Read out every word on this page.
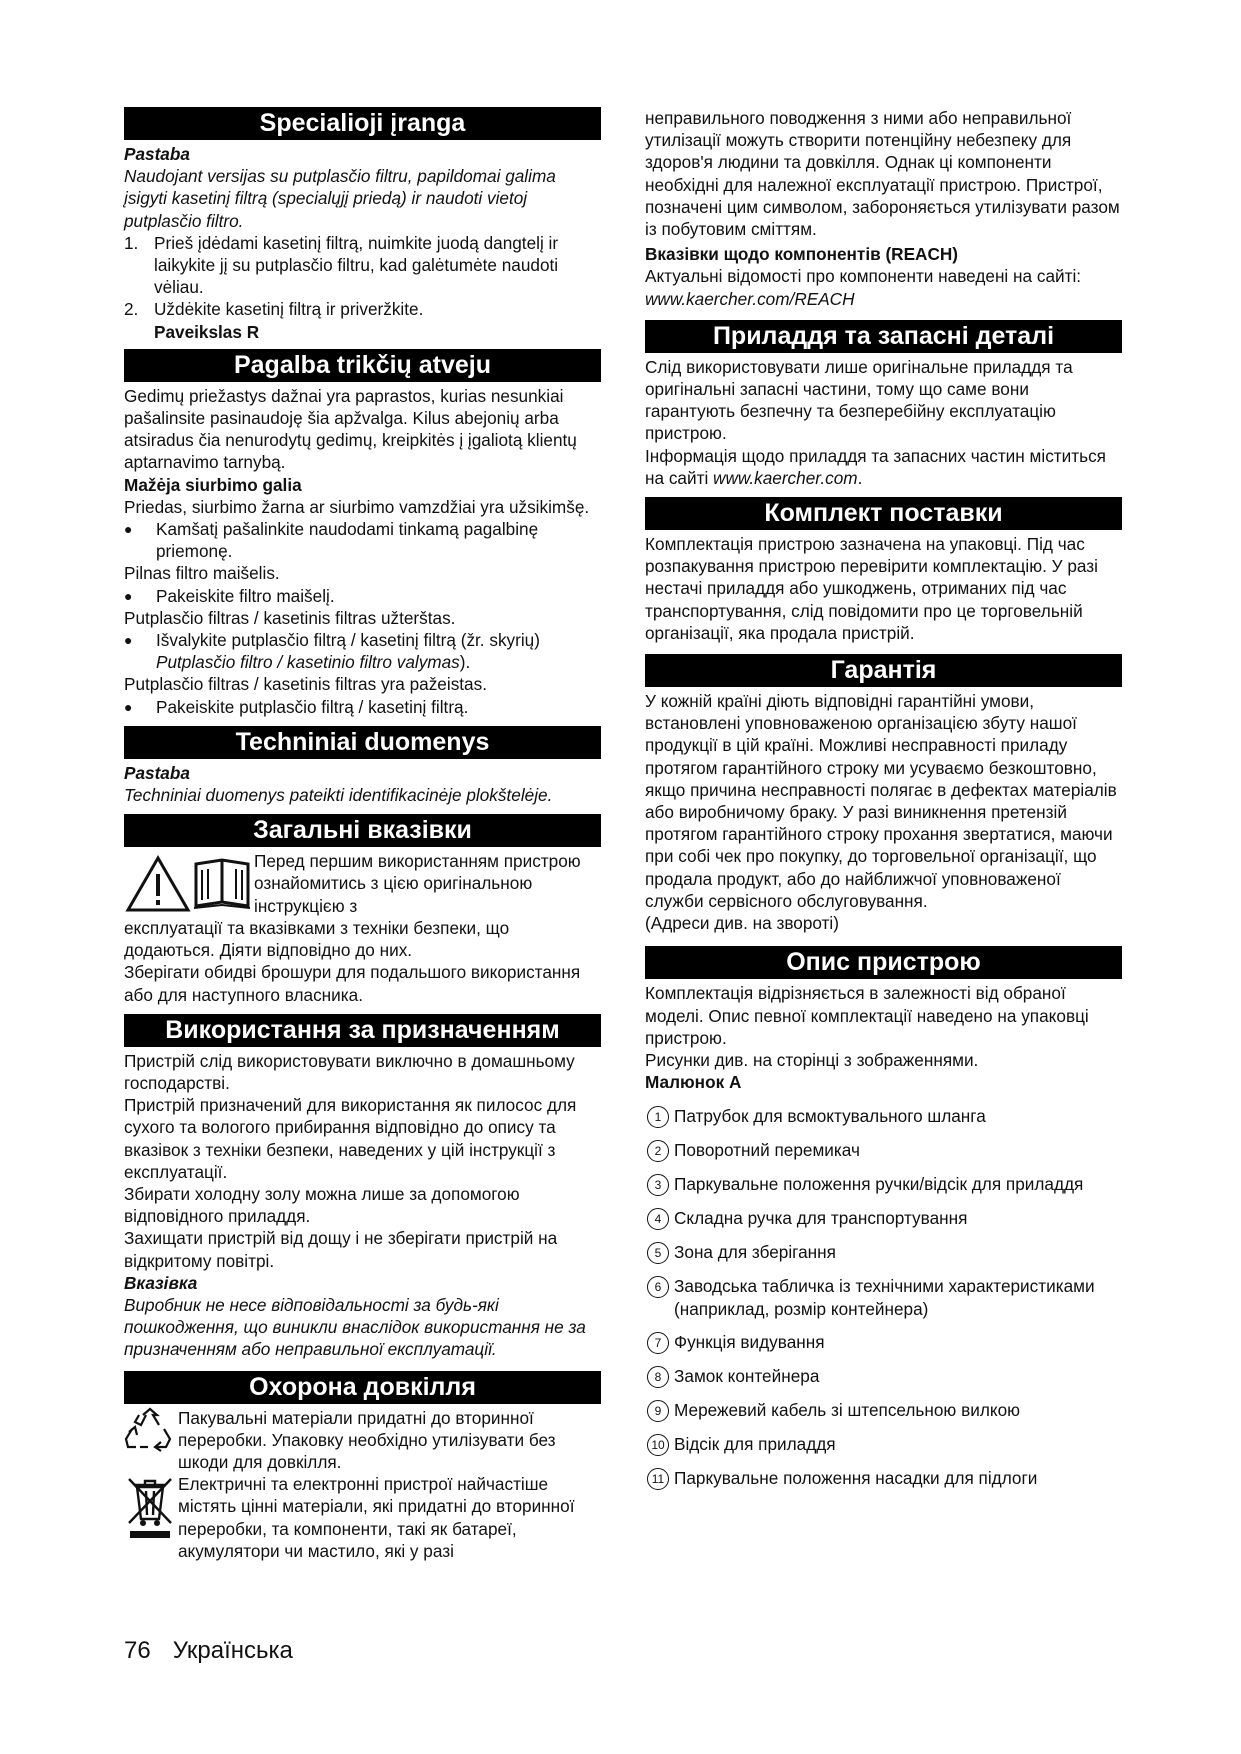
Specialioji įranga

Pastaba

Naudojant versijas su putplasčio filtru, papildomai galima įsigyti kasetinį filtrą (specialųjį priedą) ir naudoti vietoj putplasčio filtro.

1. Prieš įdėdami kasetinį filtrą, nuimkite juodą dangtelį ir laikykite jį su putplasčio filtru, kad galėtumėte naudoti vėliau.
2. Uždėkite kasetinį filtrą ir priveržkite.

Paveikslas R

Pagalba trikčių atveju

Gedimų priežastys dažnai yra paprastos, kurias nesunkiai pašalinsite pasinaudoję šia apžvalga. Kilus abejonių arba atsiradus čia nenurodytų gedimų, kreipkitės į įgaliotą klientų aptarnavimo tarnybą.

Mažėja siurbimo galia

Priedas, siurbimo žarna ar siurbimo vamzdžiai yra užsikimšę.

●	Kamšatį pašalinkite naudodami tinkamą pagalbinę priemonę.

Pilnas filtro maišelis.

●	Pakeiskite filtro maišelį.

Putplasčio filtras / kasetinis filtras užterštas.

●	Išvalykite putplasčio filtrą / kasetinį filtrą (žr. skyrių) Putplasčio filtro / kasetinio filtro valymas).

Putplasčio filtras / kasetinis filtras yra pažeistas.

●	Pakeiskite putplasčio filtrą / kasetinį filtrą.
Techniniai duomenys

Pastaba

Techniniai duomenys pateikti identifikacinėje plokštelėje.

Загальні вказівки

Перед першим використанням пристрою ознайомитись з цією оригінальною інструкцією з

експлуатації та вказівками з техніки безпеки, що додаються. Діяти відповідно до них.

Зберігати обидві брошури для подальшого використання або для наступного власника.

Використання за призначенням

Пристрій слід використовувати виключно в домашньому господарстві.

Пристрій призначений для використання як пилосос для сухого та вологого прибирання відповідно до опису та вказівок з техніки безпеки, наведених у цій інструкції з експлуатації.

Збирати холодну золу можна лише за допомогою відповідного приладдя.

Захищати пристрій від дощу і не зберігати пристрій на відкритому повітрі.

Вказівка

Виробник не несе відповідальності за будь-які пошкодження, що виникли внаслідок використання не за призначенням або неправильної експлуатації.

Охорона довкілля

Пакувальні матеріали придатні до вторинної переробки. Упаковку необхідно утилізувати без шкоди для довкілля.

Електричні та електронні пристрої найчастіше містять цінні матеріали, які придатні до вторинної переробки, та компоненти, такі як батареї, акумулятори чи мастило, які у разі

неправильного поводження з ними або неправильної утилізації можуть створити потенційну небезпеку для здоров'я людини та довкілля. Однак ці компоненти необхідні для належної експлуатації пристрою. Пристрої, позначені цим символом, забороняється утилізувати разом із побутовим сміттям.

Вказівки щодо компонентів (REACH)

Актуальні відомості про компоненти наведені на сайті: www.kaercher.com/REACH

Приладдя та запасні деталі

Слід використовувати лише оригінальне приладдя та оригінальні запасні частини, тому що саме вони гарантують безпечну та безперебійну експлуатацію пристрою.

Інформація щодо приладдя та запасних частин міститься на сайті www.kaercher.com.

Комплект поставки

Комплектація пристрою зазначена на упаковці. Під час розпакування пристрою перевірити комплектацію. У разі нестачі приладдя або ушкоджень, отриманих під час транспортування, слід повідомити про це торговельній організації, яка продала пристрій.

Гарантія

У кожній країні діють відповідні гарантійні умови, встановлені уповноваженою організацією збуту нашої продукції в цій країні. Можливі несправності приладу протягом гарантійного строку ми усуваємо безкоштовно, якщо причина несправності полягає в дефектах матеріалів або виробничому браку. У разі виникнення претензій протягом гарантійного строку прохання звертатися, маючи при собі чек про покупку, до торговельної організації, що продала продукт, або до найближчої уповноваженої служби сервісного обслуговування.

(Адреси див. на звороті)

Опис пристрою

Комплектація відрізняється в залежності від обраної моделі. Опис певної комплектації наведено на упаковці пристрою.

Рисунки див. на сторінці з зображеннями.

Малюнок A

1 Патрубок для всмоктувального шланга
2 Поворотний перемикач
3 Паркувальне положення ручки/відсік для приладдя
4 Складна ручка для транспортування
5 Зона для зберігання
6 Заводська табличка із технічними характеристиками (наприклад, розмір контейнера)
7 Функція видування
8 Замок контейнера
9 Мережевий кабель зі штепсельною вилкою
10 Відсік для приладдя
11 Паркувальне положення насадки для підлоги
76 Українська
